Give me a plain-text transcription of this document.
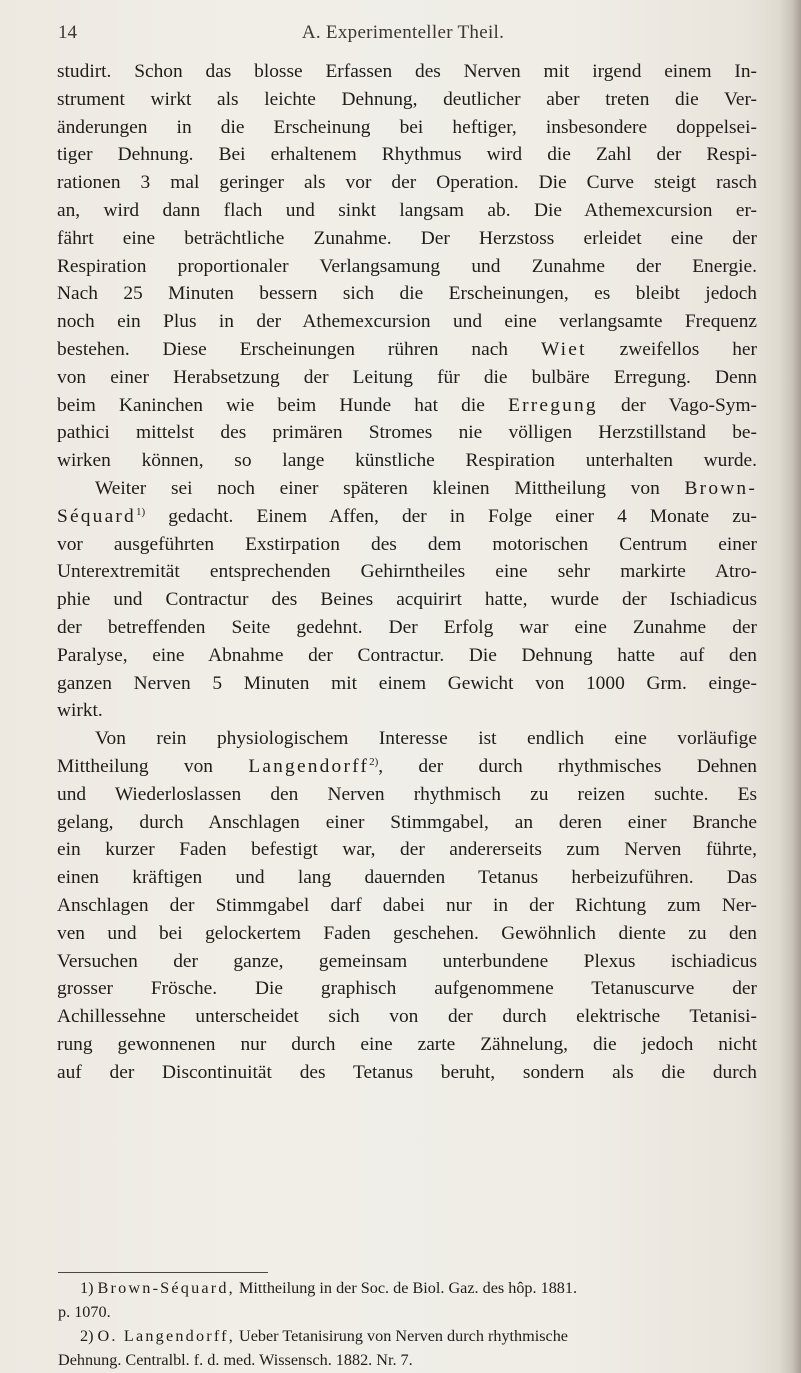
14	A. Experimenteller Theil.
studirt. Schon das blosse Erfassen des Nerven mit irgend einem In-
strument wirkt als leichte Dehnung, deutlicher aber treten die Ver-
änderungen in die Erscheinung bei heftiger, insbesondere doppelsei-
tiger Dehnung. Bei erhaltenem Rhythmus wird die Zahl der Respi-
rationen 3 mal geringer als vor der Operation. Die Curve steigt rasch
an, wird dann flach und sinkt langsam ab. Die Athemexcursion er-
fährt eine beträchtliche Zunahme. Der Herzstoss erleidet eine der
Respiration proportionaler Verlangsamung und Zunahme der Energie.
Nach 25 Minuten bessern sich die Erscheinungen, es bleibt jedoch
noch ein Plus in der Athemexcursion und eine verlangsamte Frequenz
bestehen. Diese Erscheinungen rühren nach Wiet zweifellos her
von einer Herabsetzung der Leitung für die bulbäre Erregung. Denn
beim Kaninchen wie beim Hunde hat die Erregung der Vago-Sym-
pathici mittelst des primären Stromes nie völligen Herzstillstand be-
wirken können, so lange künstliche Respiration unterhalten wurde.
Weiter sei noch einer späteren kleinen Mittheilung von Brown-
Séquard$^{1)}$ gedacht. Einem Affen, der in Folge einer 4 Monate zu-
vor ausgeführten Exstirpation des dem motorischen Centrum einer
Unterextremität entsprechenden Gehirntheiles eine sehr markirte Atro-
phie und Contractur des Beines acquirirt hatte, wurde der Ischiadicus
der betreffenden Seite gedehnt. Der Erfolg war eine Zunahme der
Paralyse, eine Abnahme der Contractur. Die Dehnung hatte auf den
ganzen Nerven 5 Minuten mit einem Gewicht von 1000 Grm. einge-
wirkt.
Von rein physiologischem Interesse ist endlich eine vorläufige
Mittheilung von Langendorff$^{2)}$, der durch rhythmisches Dehnen
und Wiederloslassen den Nerven rhythmisch zu reizen suchte. Es
gelang, durch Anschlagen einer Stimmgabel, an deren einer Branche
ein kurzer Faden befestigt war, der andererseits zum Nerven führte,
einen kräftigen und lang dauernden Tetanus herbeizuführen. Das
Anschlagen der Stimmgabel darf dabei nur in der Richtung zum Ner-
ven und bei gelockertem Faden geschehen. Gewöhnlich diente zu den
Versuchen der ganze, gemeinsam unterbundene Plexus ischiadicus
grosser Frösche. Die graphisch aufgenommene Tetanuscurve der
Achillessehne unterscheidet sich von der durch elektrische Tetanisi-
rung gewonnenen nur durch eine zarte Zähnelung, die jedoch nicht
auf der Discontinuität des Tetanus beruht, sondern als die durch
1) Brown-Séquard, Mittheilung in der Soc. de Biol. Gaz. des hôp. 1881.
p. 1070.
2) O. Langendorff, Ueber Tetanisirung von Nerven durch rhythmische
Dehnung. Centralbl. f. d. med. Wissensch. 1882. Nr. 7.
